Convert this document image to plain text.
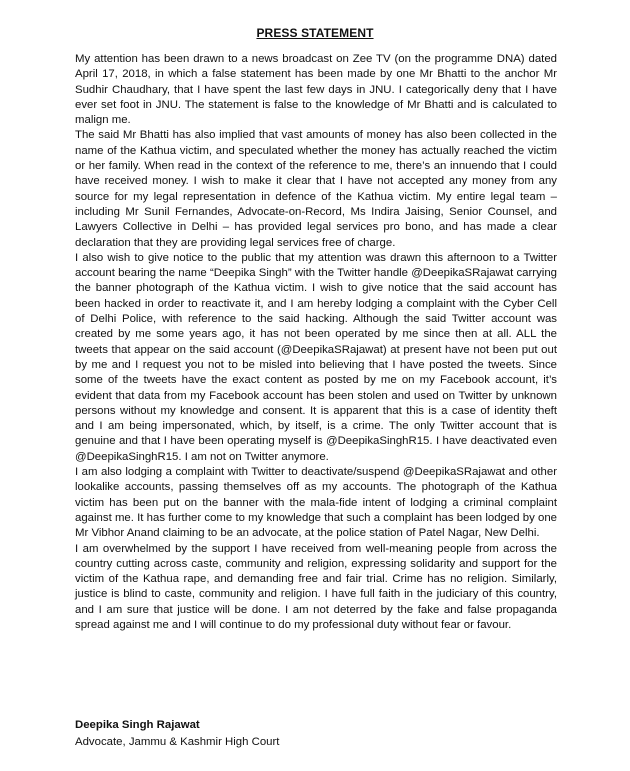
PRESS STATEMENT

My attention has been drawn to a news broadcast on Zee TV (on the programme DNA) dated April 17, 2018, in which a false statement has been made by one Mr Bhatti to the anchor Mr Sudhir Chaudhary, that I have spent the last few days in JNU. I categorically deny that I have ever set foot in JNU. The statement is false to the knowledge of Mr Bhatti and is calculated to malign me.

The said Mr Bhatti has also implied that vast amounts of money has also been collected in the name of the Kathua victim, and speculated whether the money has actually reached the victim or her family. When read in the context of the reference to me, there’s an innuendo that I could have received money. I wish to make it clear that I have not accepted any money from any source for my legal representation in defence of the Kathua victim. My entire legal team – including Mr Sunil Fernandes, Advocate-on-Record, Ms Indira Jaising, Senior Counsel, and Lawyers Collective in Delhi – has provided legal services pro bono, and has made a clear declaration that they are providing legal services free of charge.

I also wish to give notice to the public that my attention was drawn this afternoon to a Twitter account bearing the name “Deepika Singh” with the Twitter handle @DeepikaSRajawat carrying the banner photograph of the Kathua victim. I wish to give notice that the said account has been hacked in order to reactivate it, and I am hereby lodging a complaint with the Cyber Cell of Delhi Police, with reference to the said hacking. Although the said Twitter account was created by me some years ago, it has not been operated by me since then at all. ALL the tweets that appear on the said account (@DeepikaSRajawat) at present have not been put out by me and I request you not to be misled into believing that I have posted the tweets. Since some of the tweets have the exact content as posted by me on my Facebook account, it’s evident that data from my Facebook account has been stolen and used on Twitter by unknown persons without my knowledge and consent. It is apparent that this is a case of identity theft and I am being impersonated, which, by itself, is a crime. The only Twitter account that is genuine and that I have been operating myself is @DeepikaSinghR15. I have deactivated even @DeepikaSinghR15. I am not on Twitter anymore.

I am also lodging a complaint with Twitter to deactivate/suspend @DeepikaSRajawat and other lookalike accounts, passing themselves off as my accounts. The photograph of the Kathua victim has been put on the banner with the mala-fide intent of lodging a criminal complaint against me. It has further come to my knowledge that such a complaint has been lodged by one Mr Vibhor Anand claiming to be an advocate, at the police station of Patel Nagar, New Delhi.

I am overwhelmed by the support I have received from well-meaning people from across the country cutting across caste, community and religion, expressing solidarity and support for the victim of the Kathua rape, and demanding free and fair trial. Crime has no religion. Similarly, justice is blind to caste, community and religion. I have full faith in the judiciary of this country, and I am sure that justice will be done. I am not deterred by the fake and false propaganda spread against me and I will continue to do my professional duty without fear or favour.

Deepika Singh Rajawat
Advocate, Jammu & Kashmir High Court
